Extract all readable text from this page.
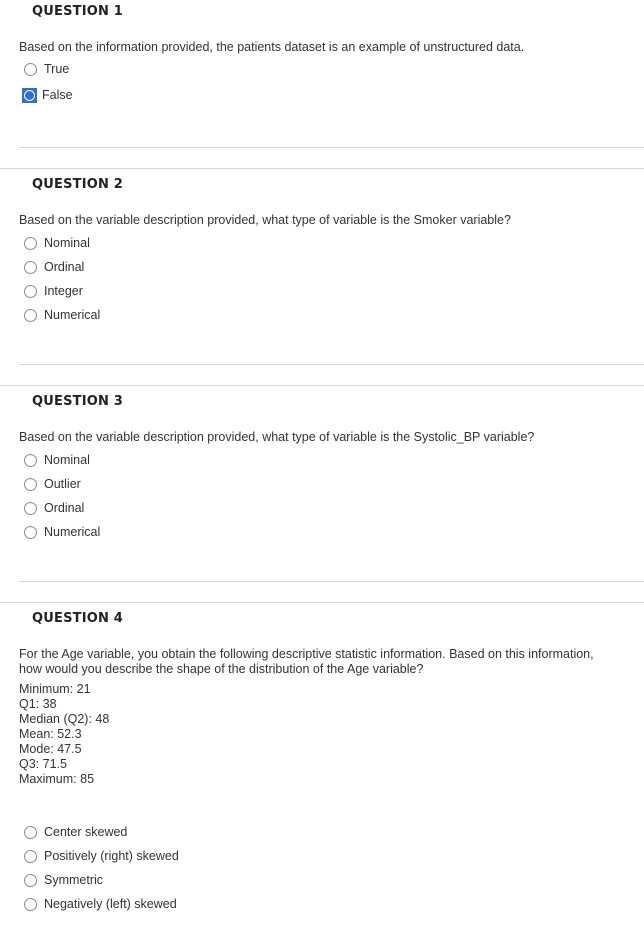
QUESTION 1
Based on the information provided, the patients dataset is an example of unstructured data.
True
False
QUESTION 2
Based on the variable description provided, what type of variable is the Smoker variable?
Nominal
Ordinal
Integer
Numerical
QUESTION 3
Based on the variable description provided, what type of variable is the Systolic_BP variable?
Nominal
Outlier
Ordinal
Numerical
QUESTION 4
For the Age variable, you obtain the following descriptive statistic information. Based on this information,
how would you describe the shape of the distribution of the Age variable?
Minimum: 21
Q1: 38
Median (Q2): 48
Mean: 52.3
Mode: 47.5
Q3: 71.5
Maximum: 85
Center skewed
Positively (right) skewed
Symmetric
Negatively (left) skewed
